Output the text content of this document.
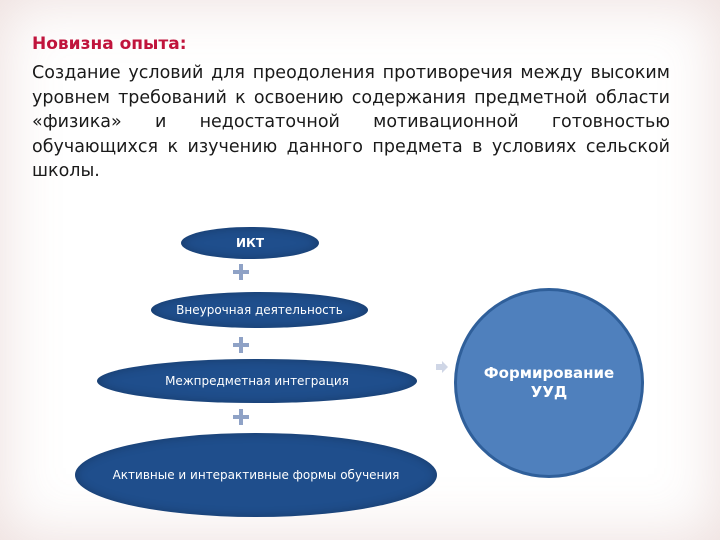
Новизна опыта:
Создание условий для преодоления противоречия между высоким уровнем требований к освоению содержания предметной области «физика» и недостаточной мотивационной готовностью обучающихся к изучению данного предмета в условиях сельской школы.
ИКТ
Внеурочная деятельность
Межпредметная интеграция
Активные и интерактивные формы обучения
Формирование УУД
